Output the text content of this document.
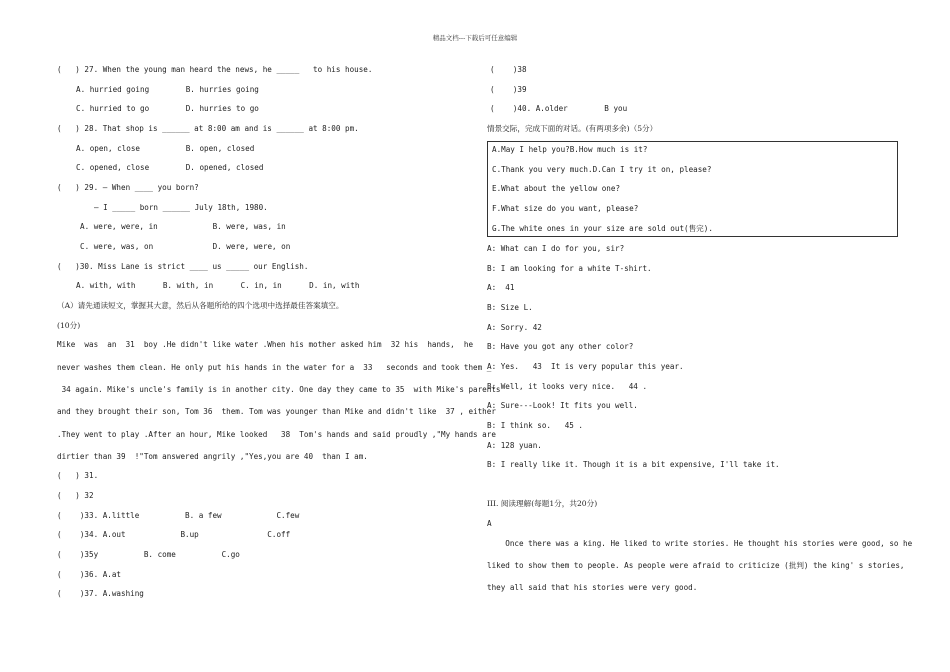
精品文档---下载后可任意编辑
(   ) 27. When the young man heard the news, he _____   to his house.
A. hurried going        B. hurries going
C. hurried to go        D. hurries to go
(   ) 28. That shop is ______ at 8:00 am and is ______ at 8:00 pm.
A. open, close          B. open, closed
C. opened, close        D. opened, closed
(   ) 29. — When ____ you born?
— I _____ born ______ July 18th, 1980.
A. were, were, in            B. were, was, in
C. were, was, on             D. were, were, on
(   )30. Miss Lane is strict ____ us _____ our English.
A. with, with      B. with, in      C. in, in      D. in, with
（A）请先通读短文，掌握其大意，然后从各题所给的四个选项中选择最佳答案填空。
(10分)
Mike  was  an  31  boy .He didn't like water .When his mother asked him  32 his  hands,  he
never washes them clean. He only put his hands in the water for a  33   seconds and took them _
34 again. Mike's uncle's family is in another city. One day they came to 35  with Mike's parents
and they brought their son, Tom 36  them. Tom was younger than Mike and didn't like  37 , either
.They went to play .After an hour, Mike looked   38  Tom's hands and said proudly ,"My hands are
dirtier than 39  !"Tom answered angrily ,"Yes,you are 40  than I am.
(   ) 31.
(   ) 32
(    )33. A.little          B. a few            C.few
(    )34. A.out            B.up               C.off
(    )35y          B. come          C.go
(    )36. A.at
(    )37. A.washing
(    )38
(    )39
(    )40. A.older        B you
情景交际，完成下面的对话。(有两项多余)（5分）
A.May I help you?B.How much is it?
C.Thank you very much.D.Can I try it on, please?
E.What about the yellow one?
F.What size do you want, please?
G.The white ones in your size are sold out(售完).
A: What can I do for you, sir?
B: I am looking for a white T-shirt.
A:  41
B: Size L.
A: Sorry. 42
B: Have you got any other color?
A: Yes.   43  It is very popular this year.
B: Well, it looks very nice.   44 .
A: Sure---Look! It fits you well.
B: I think so.   45 .
A: 128 yuan.
B: I really like it. Though it is a bit expensive, I'll take it.
III. 阅读理解(每题1分，共20分)
A
Once there was a king. He liked to write stories. He thought his stories were good, so he
liked to show them to people. As people were afraid to criticize (批判) the king' s stories,
they all said that his stories were very good.
